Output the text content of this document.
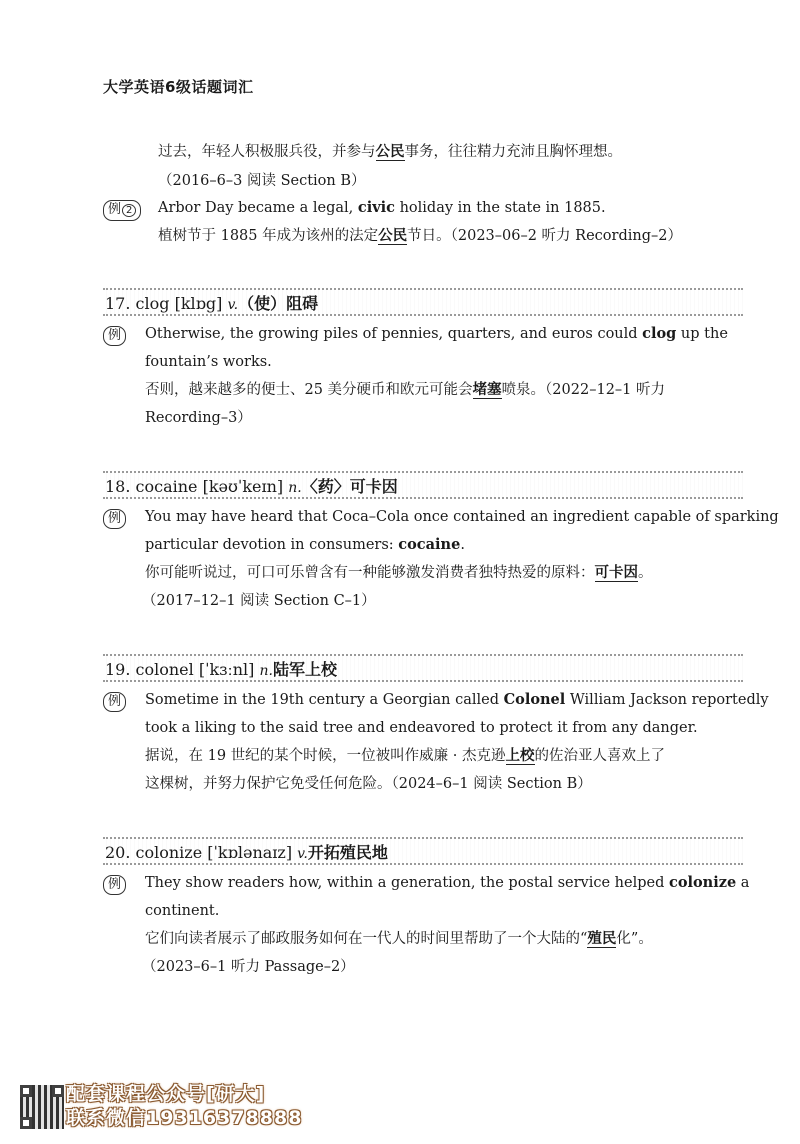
大学英语6级话题词汇
过去，年轻人积极服兵役，并参与公民事务，往往精力充沛且胸怀理想。
（2016–6–3 阅读 Section B）
例 2	Arbor Day became a legal, civic holiday in the state in 1885.
植树节于 1885 年成为该州的法定公民节日。（2023–06–2 听力 Recording–2）
17. clog [klɒg] v.（使）阻碍
例	Otherwise, the growing piles of pennies, quarters, and euros could clog up the
fountain’s works.
否则，越来越多的便士、25 美分硬币和欧元可能会堵塞喷泉。（2022–12–1 听力
Recording–3）
18. cocaine [kəʊˈkeɪn] n.〈药〉可卡因
例	You may have heard that Coca–Cola once contained an ingredient capable of sparking
particular devotion in consumers: cocaine.
你可能听说过，可口可乐曾含有一种能够激发消费者独特热爱的原料：可卡因。
（2017–12–1 阅读 Section C–1）
19. colonel [ˈkɜːnl] n.陆军上校
例	Sometime in the 19th century a Georgian called Colonel William Jackson reportedly
took a liking to the said tree and endeavored to protect it from any danger.
据说，在 19 世纪的某个时候，一位被叫作威廉 · 杰克逊上校的佐治亚人喜欢上了
这棵树，并努力保护它免受任何危险。（2024–6–1 阅读 Section B）
20. colonize [ˈkɒlənaɪz] v.开拓殖民地
例	They show readers how, within a generation, the postal service helped colonize a
continent.
它们向读者展示了邮政服务如何在一代人的时间里帮助了一个大陆的“殖民化”。
（2023–6–1 听力 Passage–2）
配套课程公众号[研大]
联系微信19316378888
